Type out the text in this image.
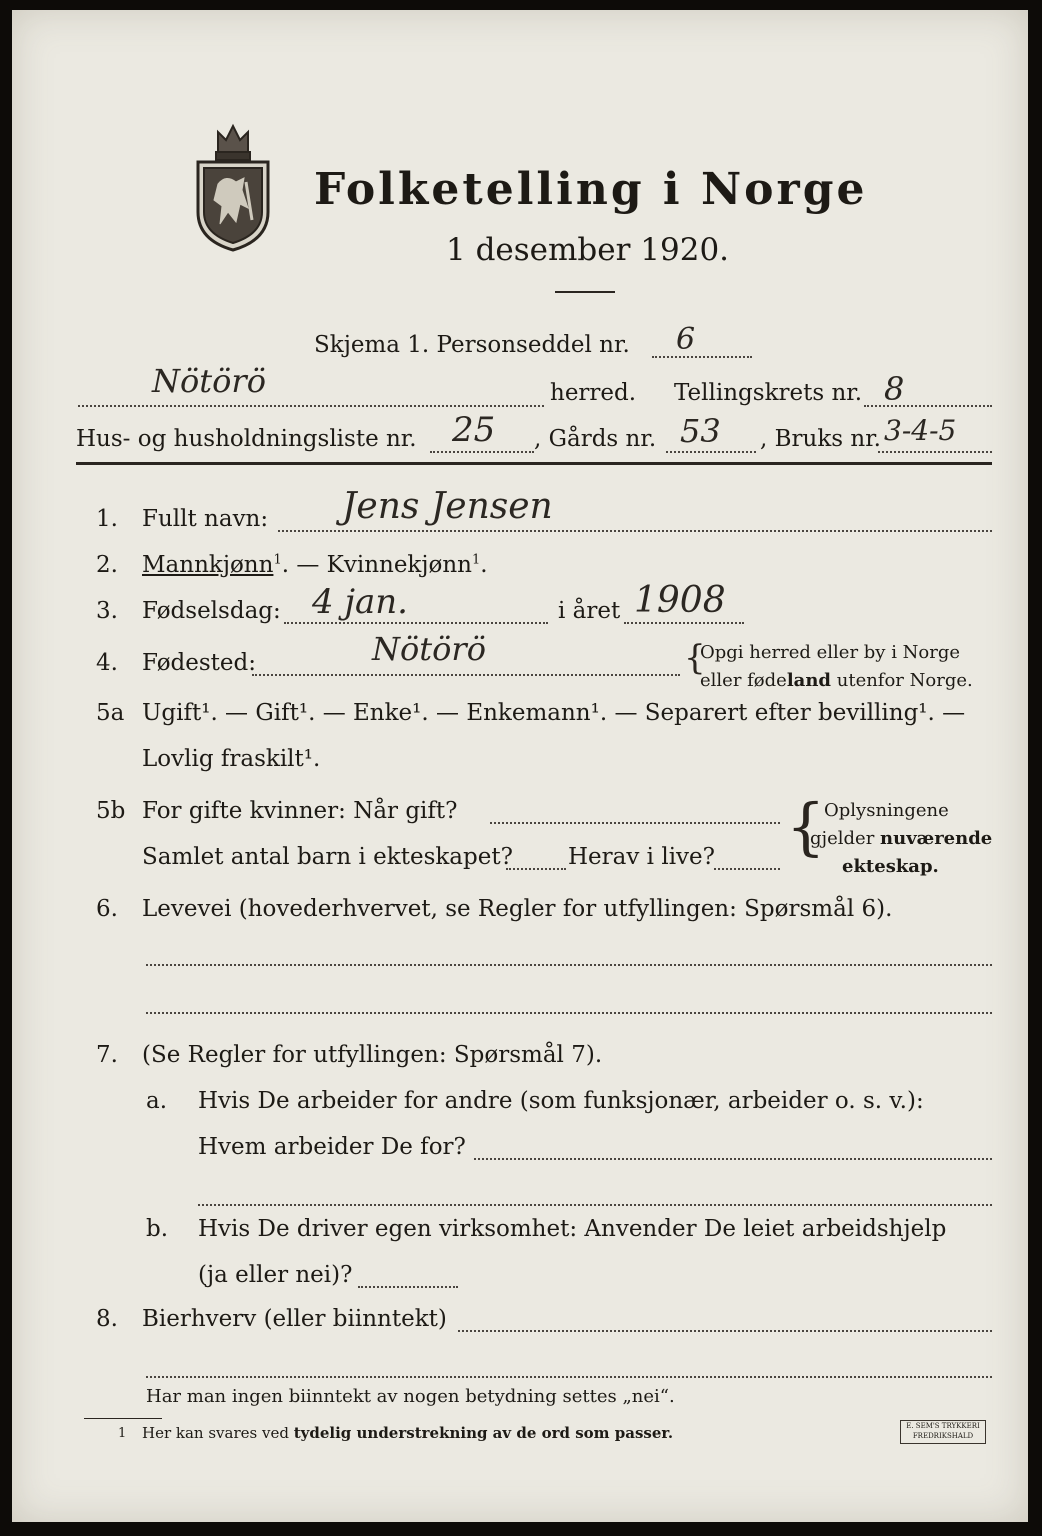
Folketelling i Norge
1 desember 1920.
Skjema 1. Personseddel nr. 6
Nötörö	herred. Tellingskrets nr. 8
Hus- og husholdningsliste nr. 25 , Gårds nr. 53 , Bruks nr. 3-4-5
1. Fullt navn: Jens Jensen
2. Mannkjønn$^1$. — Kvinnekjønn$^1$.
3. Fødselsdag: 4 jan.	i året 1908
4. Fødested:	Nötörö	{
Opgi herred eller by i Norge
eller fødeland utenfor Norge.
5a Ugift¹. — Gift¹. — Enke¹. — Enkemann¹. — Separert efter bevilling¹. —
Lovlig fraskilt¹.
5b For gifte kvinner: Når gift?
Samlet antal barn i ekteskapet? Herav i live? {
Oplysningene
gjelder nuværende
ekteskap.
6. Levevei (hovederhvervet, se Regler for utfyllingen: Spørsmål 6).
7. (Se Regler for utfyllingen: Spørsmål 7).
a. Hvis De arbeider for andre (som funksjonær, arbeider o. s. v.):
Hvem arbeider De for?
b. Hvis De driver egen virksomhet: Anvender De leiet arbeidshjelp
(ja eller nei)?
8. Bierhverv (eller biinntekt)
Har man ingen biinntekt av nogen betydning settes „nei“.
1 Her kan svares ved tydelig understrekning av de ord som passer.	E. SEM'S TRYKKERI
FREDRIKSHALD
